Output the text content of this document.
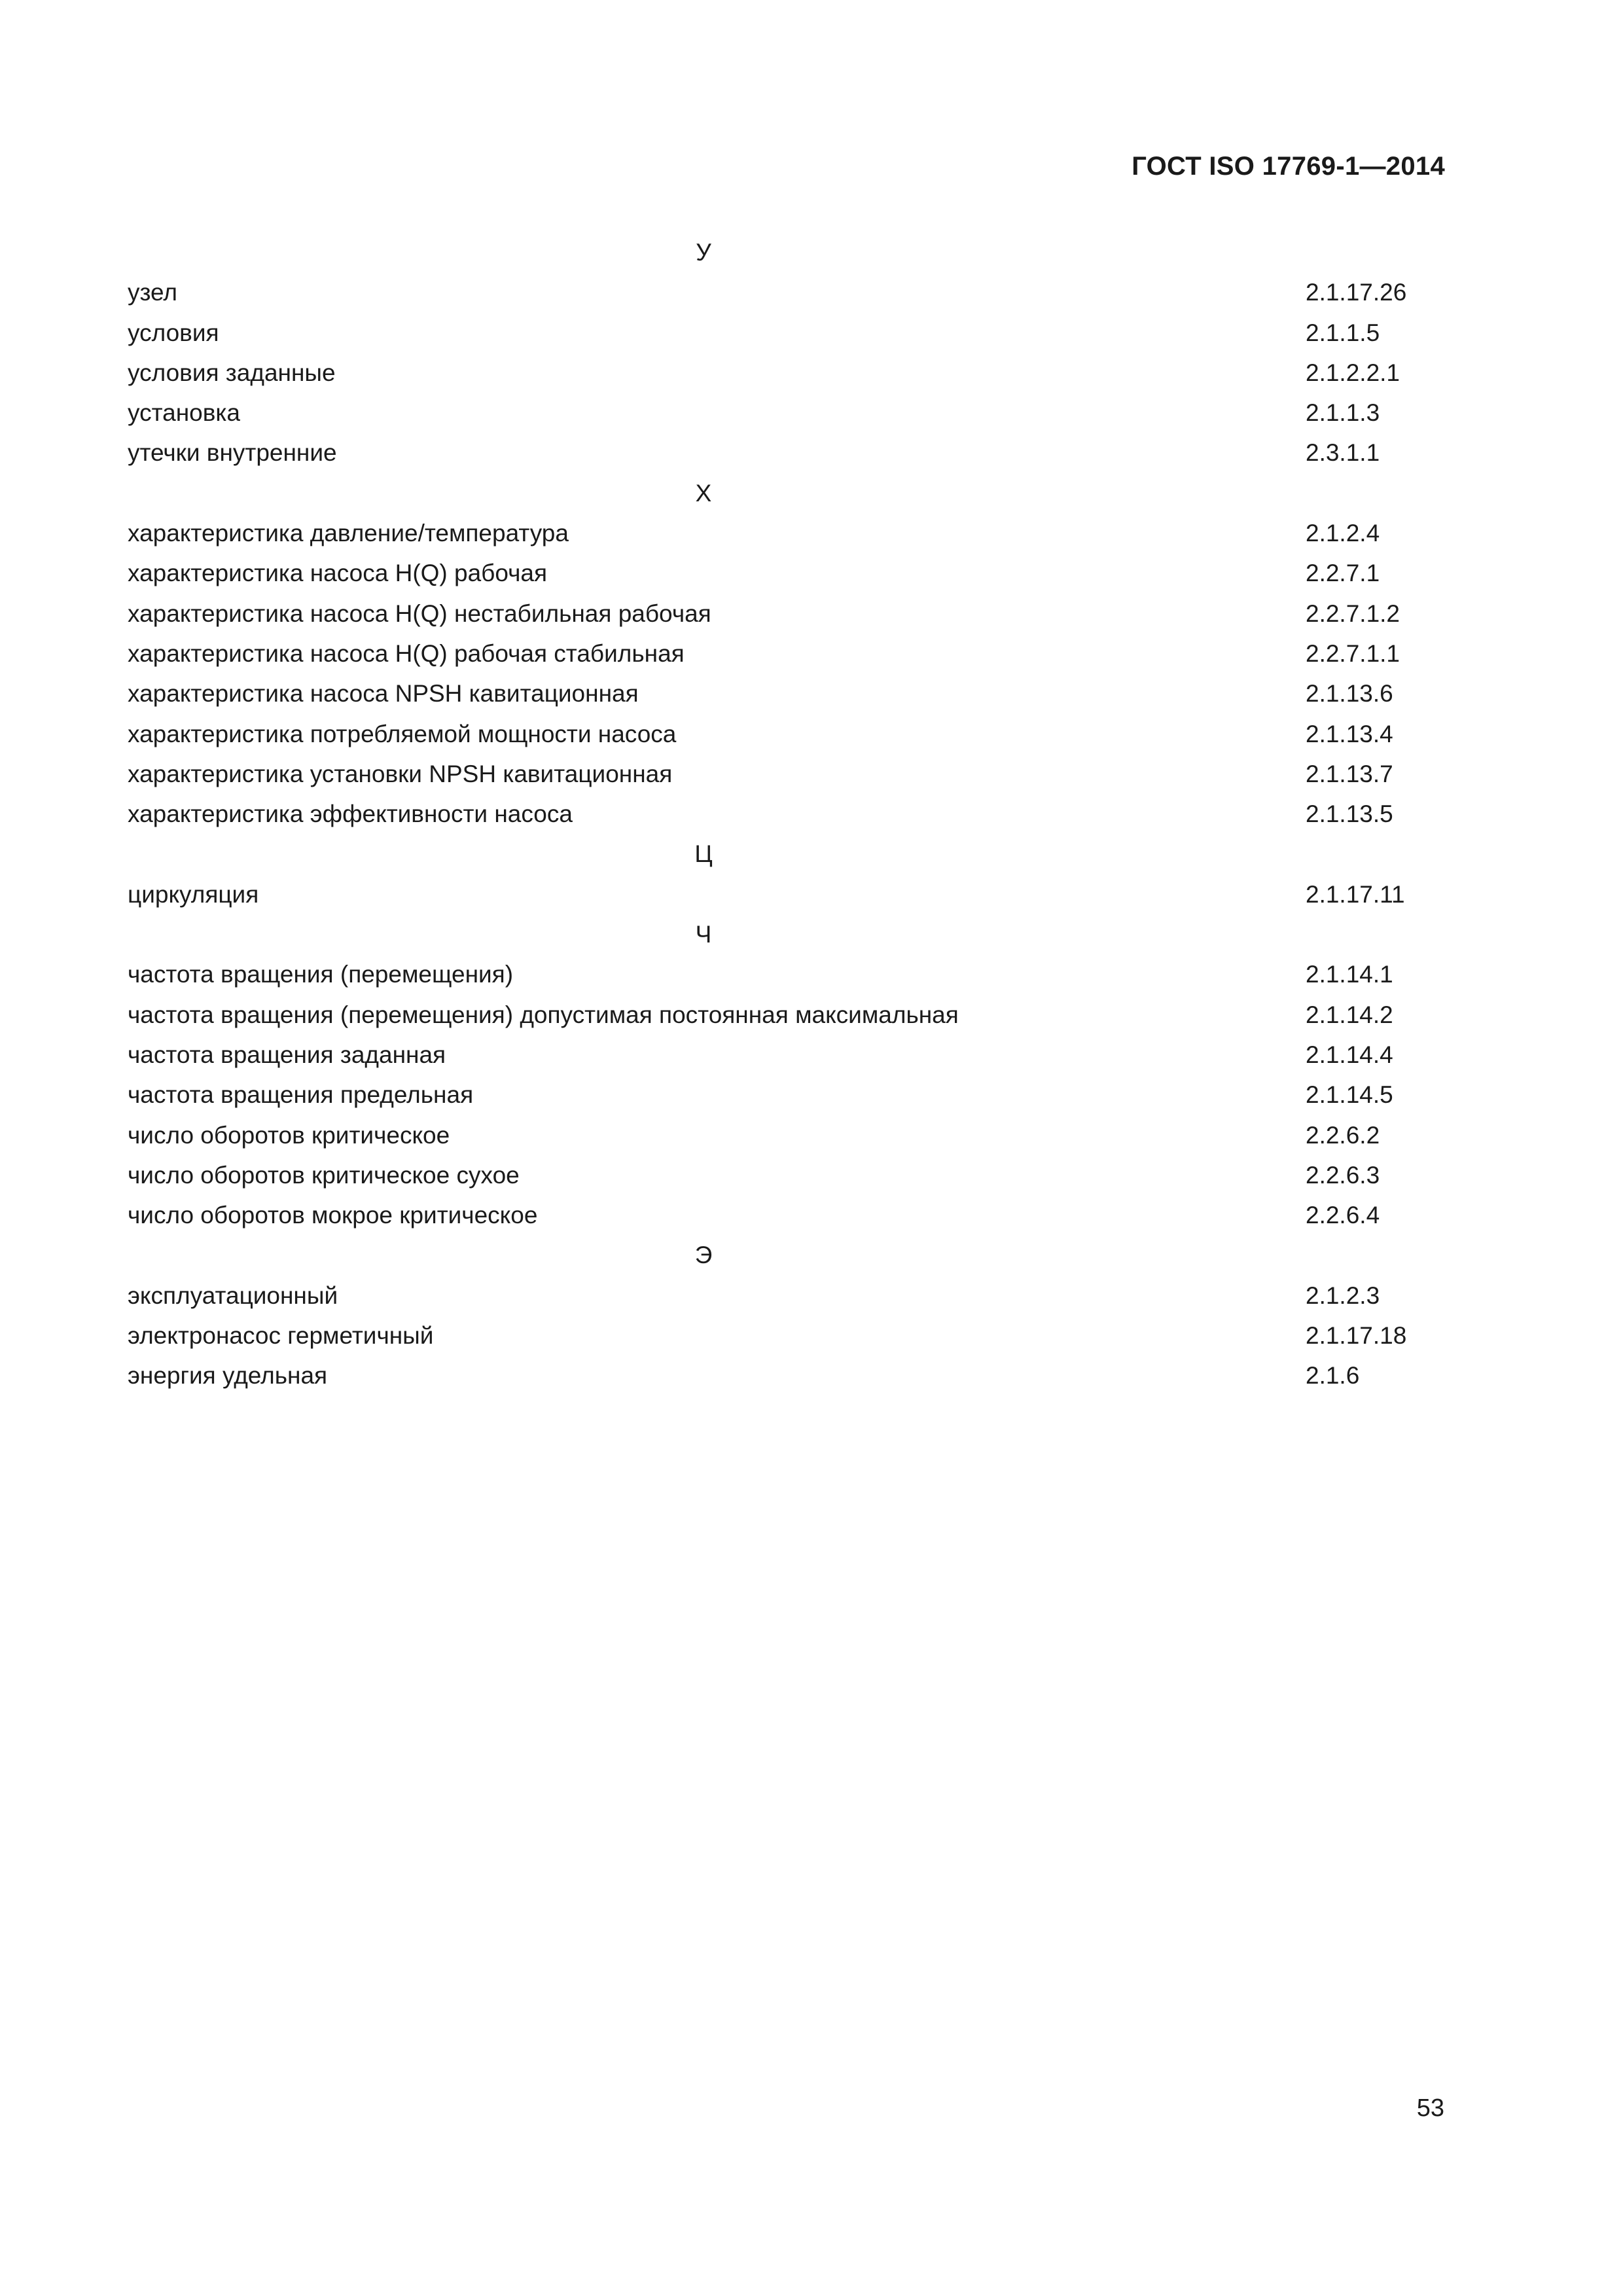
ГОСТ ISO 17769-1—2014
У
узел	2.1.17.26
условия	2.1.1.5
условия заданные	2.1.2.2.1
установка	2.1.1.3
утечки внутренние	2.3.1.1
Х
характеристика давление/температура	2.1.2.4
характеристика насоса H(Q) рабочая	2.2.7.1
характеристика насоса H(Q) нестабильная рабочая	2.2.7.1.2
характеристика насоса H(Q) рабочая стабильная	2.2.7.1.1
характеристика насоса NPSH кавитационная	2.1.13.6
характеристика потребляемой мощности насоса	2.1.13.4
характеристика установки NPSH кавитационная	2.1.13.7
характеристика эффективности насоса	2.1.13.5
Ц
циркуляция	2.1.17.11
Ч
частота вращения (перемещения)	2.1.14.1
частота вращения (перемещения) допустимая постоянная максимальная	2.1.14.2
частота вращения заданная	2.1.14.4
частота вращения предельная	2.1.14.5
число оборотов критическое	2.2.6.2
число оборотов критическое сухое	2.2.6.3
число оборотов мокрое критическое	2.2.6.4
Э
эксплуатационный	2.1.2.3
электронасос герметичный	2.1.17.18
энергия удельная	2.1.6
53
